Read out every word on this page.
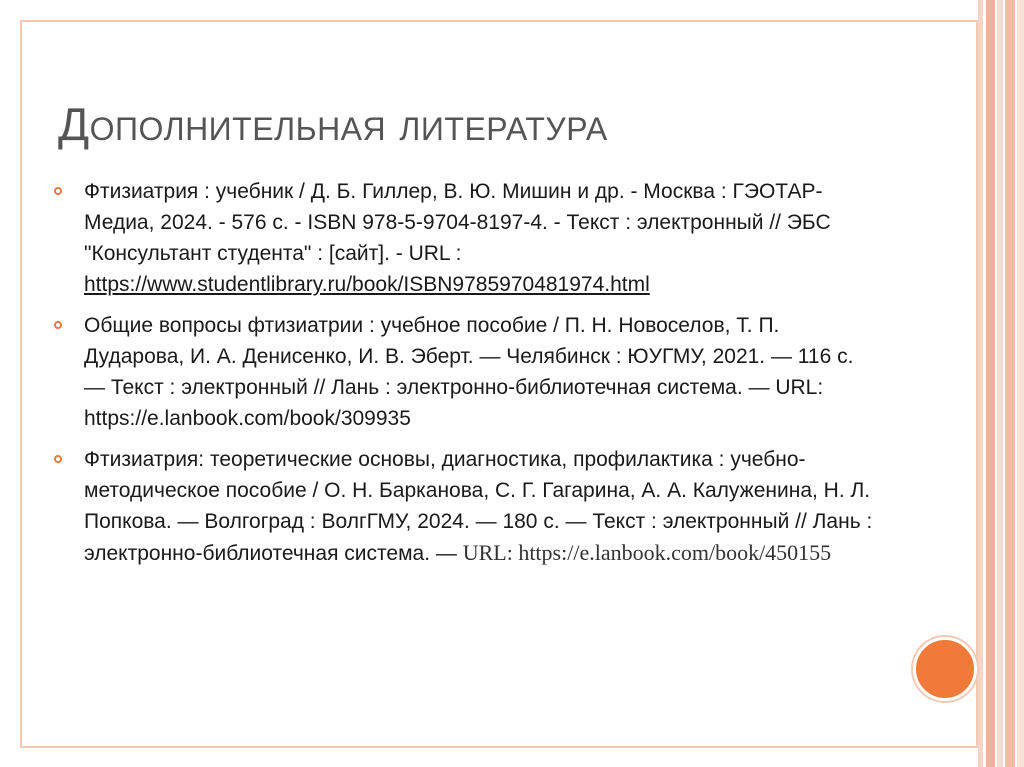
Дополнительная литература
Фтизиатрия : учебник / Д. Б. Гиллер, В. Ю. Мишин и др. - Москва : ГЭОТАР-Медиа, 2024. - 576 с. - ISBN 978-5-9704-8197-4. - Текст : электронный // ЭБС "Консультант студента" : [сайт]. - URL : https://www.studentlibrary.ru/book/ISBN9785970481974.html
Общие вопросы фтизиатрии : учебное пособие / П. Н. Новоселов, Т. П. Дударова, И. А. Денисенко, И. В. Эберт. — Челябинск : ЮУГМУ, 2021. — 116 с. — Текст : электронный // Лань : электронно-библиотечная система. — URL: https://e.lanbook.com/book/309935
Фтизиатрия: теоретические основы, диагностика, профилактика : учебно-методическое пособие / О. Н. Барканова, С. Г. Гагарина, А. А. Калуженина, Н. Л. Попкова. — Волгоград : ВолгГМУ, 2024. — 180 с. — Текст : электронный // Лань : электронно-библиотечная система. — URL: https://e.lanbook.com/book/450155
